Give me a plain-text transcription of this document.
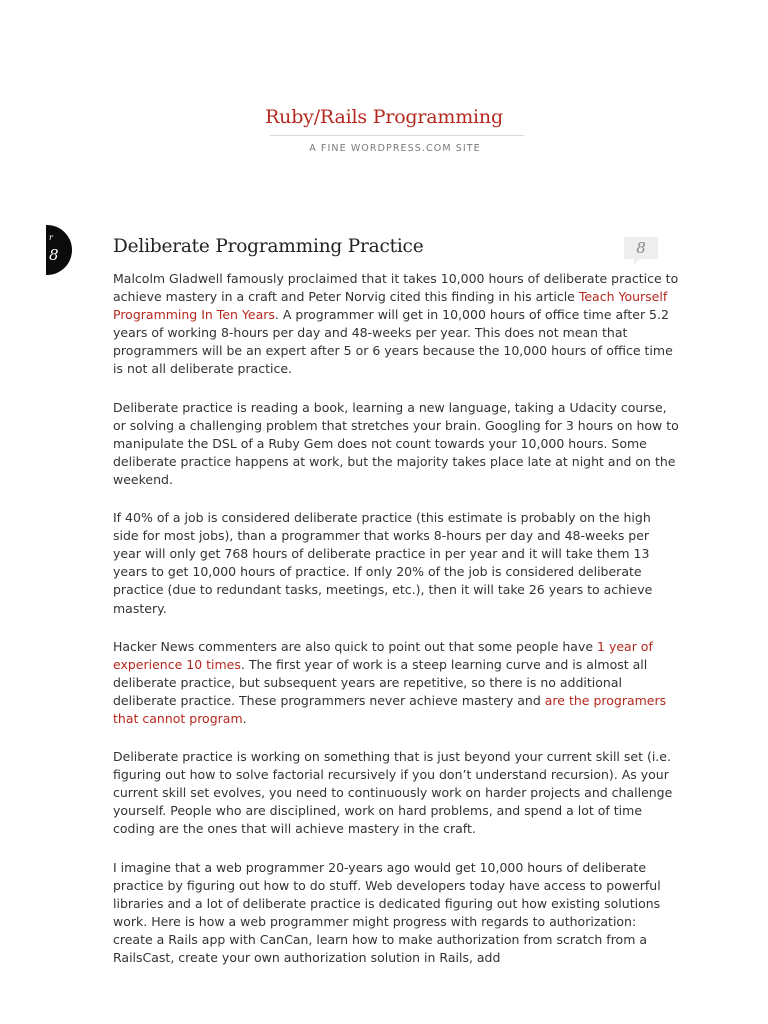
Ruby/Rails Programming
A FINE WORDPRESS.COM SITE
r
8	Deliberate Programming Practice	8

Malcolm Gladwell famously proclaimed that it takes 10,000 hours of deliberate practice to achieve mastery in a craft and Peter Norvig cited this finding in his article Teach Yourself Programming In Ten Years. A programmer will get in 10,000 hours of office time after 5.2 years of working 8-hours per day and 48-weeks per year. This does not mean that programmers will be an expert after 5 or 6 years because the 10,000 hours of office time is not all deliberate practice.

Deliberate practice is reading a book, learning a new language, taking a Udacity course, or solving a challenging problem that stretches your brain. Googling for 3 hours on how to manipulate the DSL of a Ruby Gem does not count towards your 10,000 hours. Some deliberate practice happens at work, but the majority takes place late at night and on the weekend.

If 40% of a job is considered deliberate practice (this estimate is probably on the high side for most jobs), than a programmer that works 8-hours per day and 48-weeks per year will only get 768 hours of deliberate practice in per year and it will take them 13 years to get 10,000 hours of practice. If only 20% of the job is considered deliberate practice (due to redundant tasks, meetings, etc.), then it will take 26 years to achieve mastery.

Hacker News commenters are also quick to point out that some people have 1 year of experience 10 times. The first year of work is a steep learning curve and is almost all deliberate practice, but subsequent years are repetitive, so there is no additional deliberate practice. These programmers never achieve mastery and are the programers that cannot program.

Deliberate practice is working on something that is just beyond your current skill set (i.e. figuring out how to solve factorial recursively if you don’t understand recursion). As your current skill set evolves, you need to continuously work on harder projects and challenge yourself. People who are disciplined, work on hard problems, and spend a lot of time coding are the ones that will achieve mastery in the craft.

I imagine that a web programmer 20-years ago would get 10,000 hours of deliberate practice by figuring out how to do stuff. Web developers today have access to powerful libraries and a lot of deliberate practice is dedicated figuring out how existing solutions work. Here is how a web programmer might progress with regards to authorization: create a Rails app with CanCan, learn how to make authorization from scratch from a RailsCast, create your own authorization solution in Rails, add
